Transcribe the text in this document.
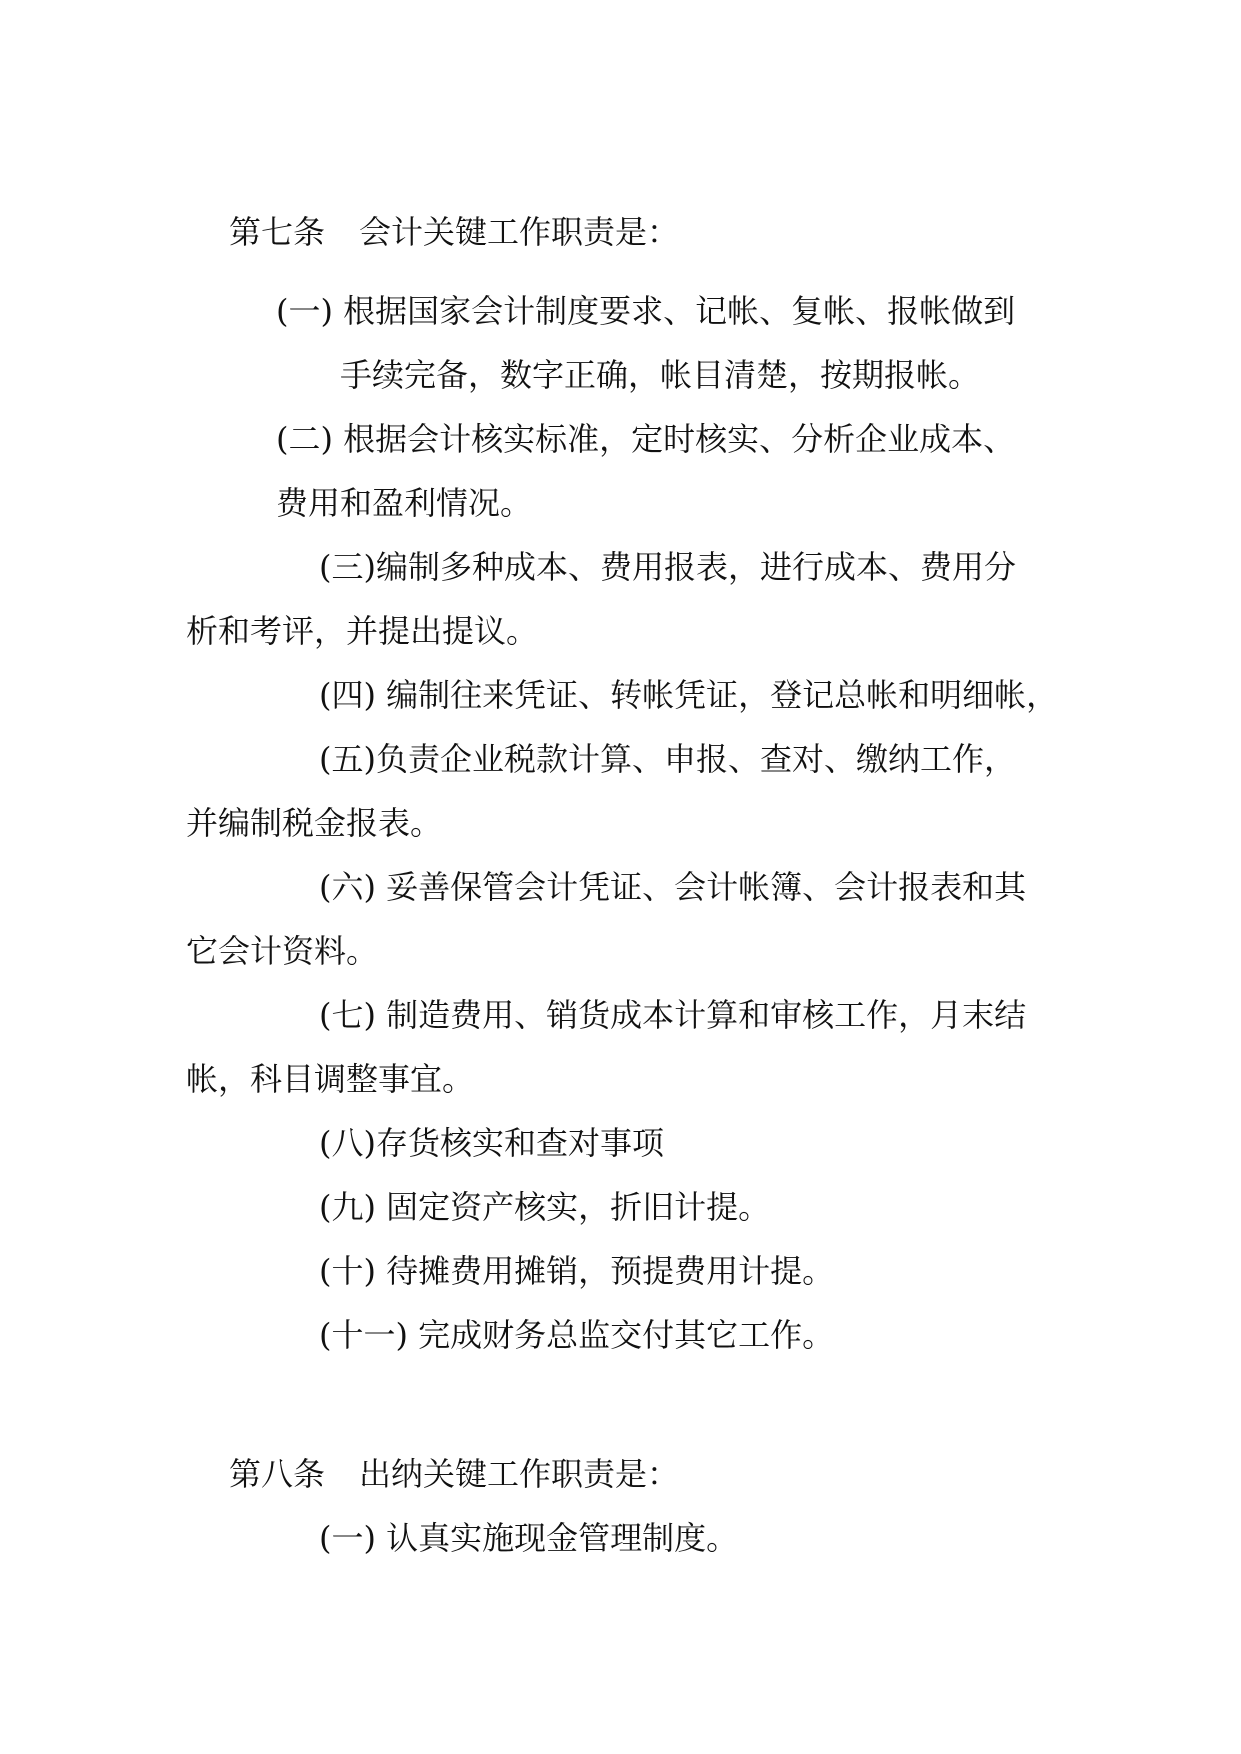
第七条 会计关键工作职责是：
(一) 根据国家会计制度要求、记帐、复帐、报帐做到
手续完备，数字正确，帐目清楚，按期报帐。
(二) 根据会计核实标准，定时核实、分析企业成本、
费用和盈利情况。
(三)编制多种成本、费用报表，进行成本、费用分
析和考评，并提出提议。
(四) 编制往来凭证、转帐凭证，登记总帐和明细帐，
(五)负责企业税款计算、申报、查对、缴纳工作，
并编制税金报表。
(六) 妥善保管会计凭证、会计帐簿、会计报表和其
它会计资料。
(七) 制造费用、销货成本计算和审核工作，月末结
帐，科目调整事宜。
(八)存货核实和查对事项
(九) 固定资产核实，折旧计提。
(十) 待摊费用摊销，预提费用计提。
(十一) 完成财务总监交付其它工作。
第八条 出纳关键工作职责是：
(一) 认真实施现金管理制度。
